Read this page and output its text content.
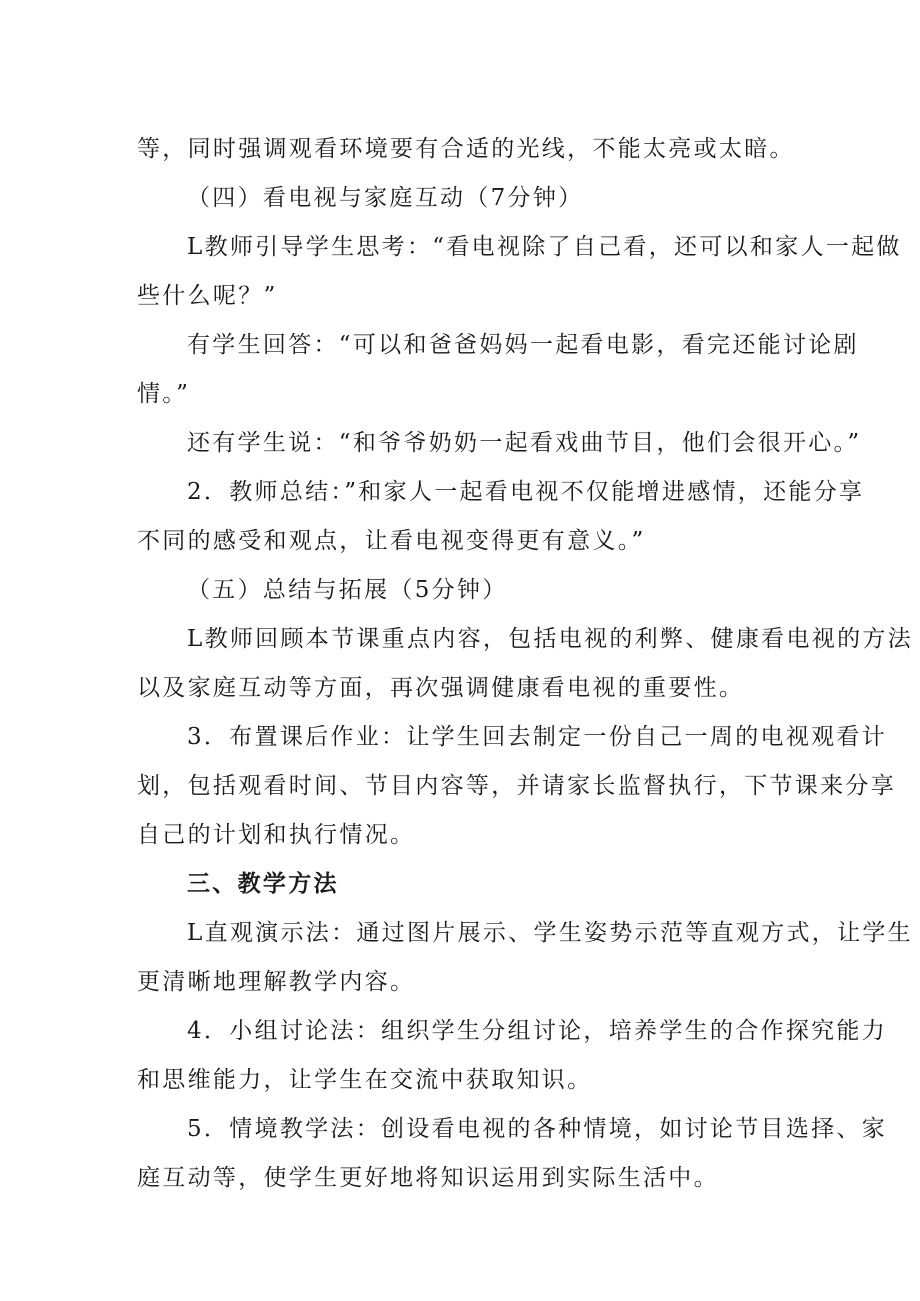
等，同时强调观看环境要有合适的光线，不能太亮或太暗。
（四）看电视与家庭互动（7分钟）
L教师引导学生思考：“看电视除了自己看，还可以和家人一起做
些什么呢？”
有学生回答：“可以和爸爸妈妈一起看电影，看完还能讨论剧
情。”
还有学生说：“和爷爷奶奶一起看戏曲节目，他们会很开心。”
2．教师总结：”和家人一起看电视不仅能增进感情，还能分享
不同的感受和观点，让看电视变得更有意义。”
（五）总结与拓展（5分钟）
L教师回顾本节课重点内容，包括电视的利弊、健康看电视的方法
以及家庭互动等方面，再次强调健康看电视的重要性。
3．布置课后作业：让学生回去制定一份自己一周的电视观看计
划，包括观看时间、节目内容等，并请家长监督执行，下节课来分享
自己的计划和执行情况。
三、教学方法
L直观演示法：通过图片展示、学生姿势示范等直观方式，让学生
更清晰地理解教学内容。
4．小组讨论法：组织学生分组讨论，培养学生的合作探究能力
和思维能力，让学生在交流中获取知识。
5．情境教学法：创设看电视的各种情境，如讨论节目选择、家
庭互动等，使学生更好地将知识运用到实际生活中。
